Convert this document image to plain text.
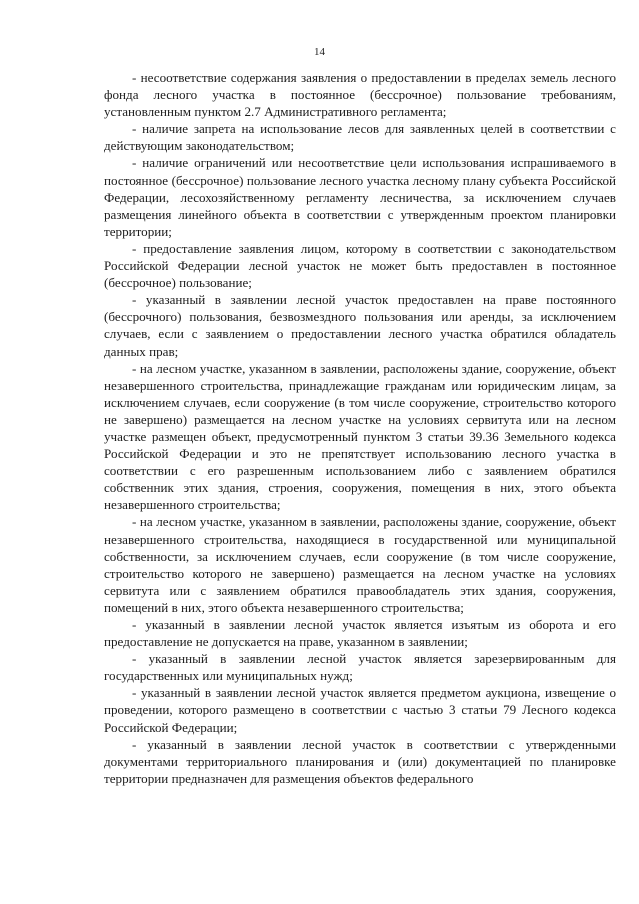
14

- несоответствие содержания заявления о предоставлении в пределах земель лесного фонда лесного участка в постоянное (бессрочное) пользование требованиям, установленным пунктом 2.7 Административного регламента;

- наличие запрета на использование лесов для заявленных целей в соответствии с действующим законодательством;

- наличие ограничений или несоответствие цели использования испрашиваемого в постоянное (бессрочное) пользование лесного участка лесному плану субъекта Российской Федерации, лесохозяйственному регламенту лесничества, за исключением случаев размещения линейного объекта в соответствии с утвержденным проектом планировки территории;

- предоставление заявления лицом, которому в соответствии с законодательством Российской Федерации лесной участок не может быть предоставлен в постоянное (бессрочное) пользование;

- указанный в заявлении лесной участок предоставлен на праве постоянного (бессрочного) пользования, безвозмездного пользования или аренды, за исключением случаев, если с заявлением о предоставлении лесного участка обратился обладатель данных прав;

- на лесном участке, указанном в заявлении, расположены здание, сооружение, объект незавершенного строительства, принадлежащие гражданам или юридическим лицам, за исключением случаев, если сооружение (в том числе сооружение, строительство которого не завершено) размещается на лесном участке на условиях сервитута или на лесном участке размещен объект, предусмотренный пунктом 3 статьи 39.36 Земельного кодекса Российской Федерации и это не препятствует использованию лесного участка в соответствии с его разрешенным использованием либо с заявлением обратился собственник этих здания, строения, сооружения, помещения в них, этого объекта незавершенного строительства;

- на лесном участке, указанном в заявлении, расположены здание, сооружение, объект незавершенного строительства, находящиеся в государственной или муниципальной собственности, за исключением случаев, если сооружение (в том числе сооружение, строительство которого не завершено) размещается на лесном участке на условиях сервитута или с заявлением обратился правообладатель этих здания, сооружения, помещений в них, этого объекта незавершенного строительства;

- указанный в заявлении лесной участок является изъятым из оборота и его предоставление не допускается на праве, указанном в заявлении;

- указанный в заявлении лесной участок является зарезервированным для государственных или муниципальных нужд;

- указанный в заявлении лесной участок является предметом аукциона, извещение о проведении, которого размещено в соответствии с частью 3 статьи 79 Лесного кодекса Российской Федерации;

- указанный в заявлении лесной участок в соответствии с утвержденными документами территориального планирования и (или) документацией по планировке территории предназначен для размещения объектов федерального
